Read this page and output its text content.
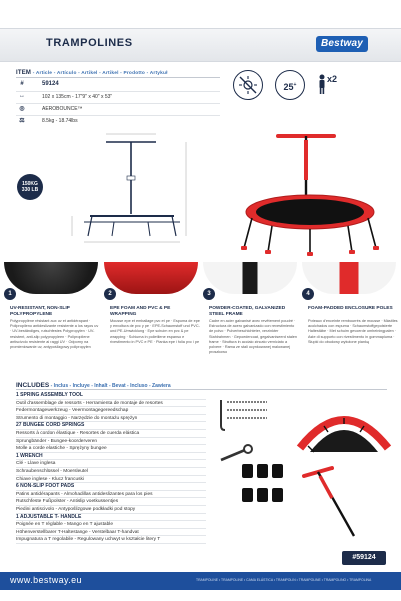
TRAMPOLINES	Bestway
ITEM - Article - Artículo - Artikel - Artikel - Prodotto - Artykuł
#	59124
↔	102 x 135cm - 17"9" x 40" x 53"
◎	AEROBOUNCE™
⚖	8.5kg - 18.74lbs
25+
x2
150KG
330 LB
1
UV-RESISTANT, NON-SLIP POLYPROPYLENE
Polypropylène résistant aux uv et antidérapant · Polipropileno antideslizante resistente a los rayos uv · UV-beständiges, rutschfestes Polypropylen · UV-resistent, anti-slip polypropyleen · Polipropilene antiscivolo resistente ai raggi UV · Odporny na promieniowanie uv, antypoślizgowy polipropylen
2
EPE FOAM AND PVC & PE WRAPPING
Mousse epe et emballage pvc et pe · Espuma de epe y envoltura de pvc y pe · EPE-Schaumstoff und PVC- und PE-Umwicklung · Epe schuim en pvc & pe wrapping · Schiuma in polietilene espanso e rivestimento in PVC e PE · Pianka epe i folia pvc i pe
3
POWDER-COATED, GALVANIZED STEEL FRAME
Cadre en acier galvanisé avec revêtement poudré · Estructura de acero galvanizado con revestimiento de polvo · Pulverbeschichteter, verzinkter Stahlrahmen · Gepoedercoat, gegalvaniseerd stalen frame · Struttura in acciaio zincato verniciato a polvere · Rama ze stali ocynkowanej malowanej proszkowo
4
FOAM-PADDED ENCLOSURE POLES
Poteaux d'enceinte rembourrés de mousse · Mástiles acolchados con espuma · Schaumstoffgepolsterte Haltestäbe · Met schuim gevoerde omheiningpalen · Aste di supporto con rivestimento in gommapiuma · Słupki do obudowy wyłożone pianką
INCLUDES - Inclus - Incluye - Inhalt - Bevat - Incluso - Zawiera
1 SPRING ASSEMBLY TOOL
Outil d'assemblage de ressorts - Herramienta de montaje de resortes
Federmontagewerkzeug - Veermontagegereedschap
Strumento di montaggio - Narzędzie do montażu sprężyn
27 BUNGEE CORD SPRINGS
Ressorts à cordon élastique - Resortes de cuerda elástica
Sprungbänder - Bungee-koorderveren
Molle a corde elastiche - Sprężyny bungee
1 WRENCH
Clé - Llave inglesa
Schraubenschlüssel - Moersleutel
Chiave inglese - Klucz francuski
6 NON-SLIP FOOT PADS
Patins antidérapants - Almohadillas antideslizantes para los pies
Rutschfeste Fußpolster - Antislip voetkussentjes
Piedini antiscivolo - Antypoślizgowe podkładki pod stopy
1 ADJUSTABLE T- HANDLE
Poignée en T réglable - Mango en T ajustable
Höhenverstellbarer T-Haltestange - Verstelbaar T-handvat
Impugnatura a T regolabile - Regulowany uchwyt w kształcie litery T
#59124
www.bestway.eu	TRAMPOLINE • TRAMPOLINE • CAMA ELÁSTICA • TRAMPOLIN • TRAMPOLINE • TRAMPOLINO • TRAMPOLINA
